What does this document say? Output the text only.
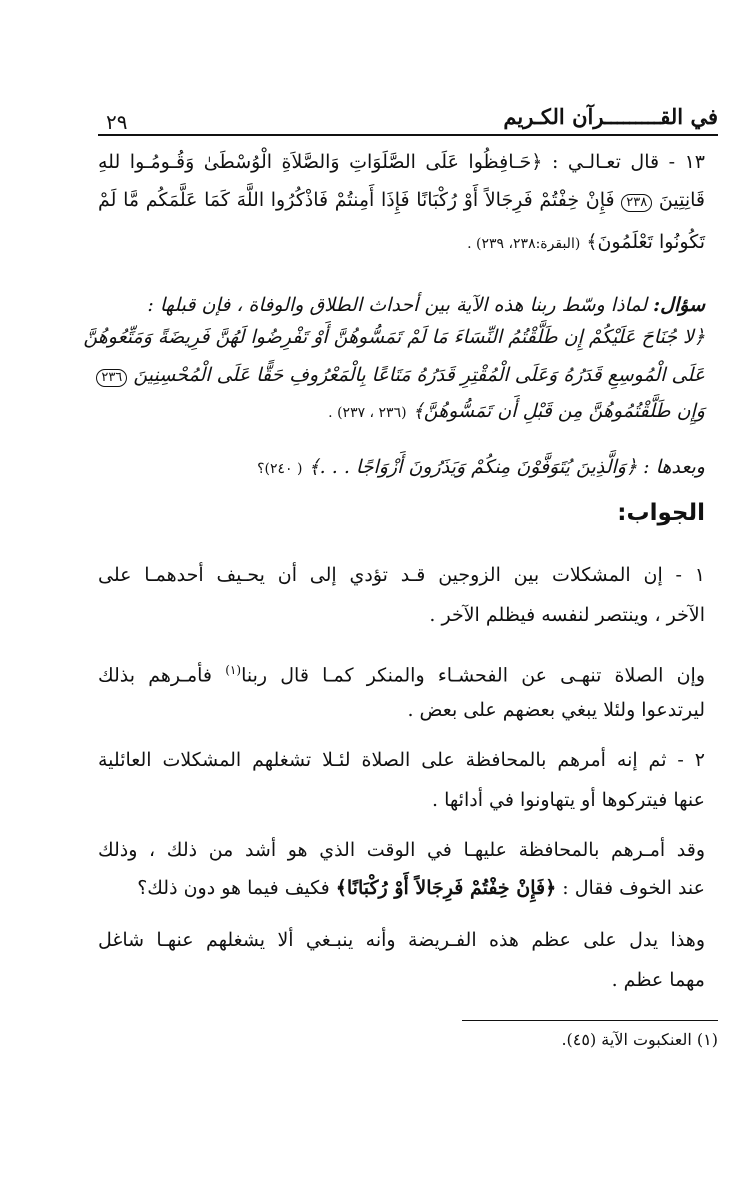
في القـــــــــرآن الكـريم
٢٩
١٣ - قال تعـالـي : ﴿حَـافِظُوا عَلَى الصَّلَوَاتِ وَالصَّلاَةِ الْوُسْطَىٰ وَقُـومُـوا للهِ
قَانِتِينَ ٢٣٨ فَإِنْ خِفْتُمْ فَرِجَالاً أَوْ رُكْبَانًا فَإِذَا أَمِنتُمْ فَاذْكُرُوا اللَّهَ كَمَا عَلَّمَكُم مَّا لَمْ
تَكُونُوا تَعْلَمُونَ﴾ (البقرة:٢٣٨، ٢٣٩) .
سؤال: لماذا وسّط ربنا هذه الآية بين أحداث الطلاق والوفاة ، فإن قبلها :
﴿لا جُنَاحَ عَلَيْكُمْ إِن طَلَّقْتُمُ النِّسَاءَ مَا لَمْ تَمَسُّوهُنَّ أَوْ تَفْرِضُوا لَهُنَّ فَرِيضَةً وَمَتِّعُوهُنَّ
عَلَى الْمُوسِعِ قَدَرُهُ وَعَلَى الْمُقْتِرِ قَدَرُهُ مَتَاعًا بِالْمَعْرُوفِ حَقًّا عَلَى الْمُحْسِنِينَ ٢٣٦
وَإِن طَلَّقْتُمُوهُنَّ مِن قَبْلِ أَن تَمَسُّوهُنَّ﴾ (٢٣٦ ، ٢٣٧) .
وبعدها : ﴿وَالَّذِينَ يُتَوَفَّوْنَ مِنكُمْ وَيَذَرُونَ أَزْوَاجًا . . .﴾ ( ٢٤٠)؟
الجواب:
١ - إن المشكلات بين الزوجين قـد تؤدي إلى أن يحـيف أحدهمـا على
الآخر ، وينتصر لنفسه فيظلم الآخر .
وإن الصلاة تنهـى عن الفحشـاء والمنكر كمـا قال ربنا$^{(١)}$ فأمـرهم بذلك
ليرتدعوا ولئلا يبغي بعضهم على بعض .
٢ - ثم إنه أمرهم بالمحافظة على الصلاة لئـلا تشغلهم المشكلات العائلية
عنها فيتركوها أو يتهاونوا في أدائها .
وقد أمـرهم بالمحافظة عليهـا في الوقت الذي هو أشد من ذلك ، وذلك
عند الخوف فقال : ﴿فَإِنْ خِفْتُمْ فَرِجَالاً أَوْ رُكْبَانًا﴾ فكيف فيما هو دون ذلك؟
وهذا يدل على عظم هذه الفـريضة وأنه ينبـغي ألا يشغلهم عنهـا شاغل
مهما عظم .
(١) العنكبوت الآية (٤٥).
